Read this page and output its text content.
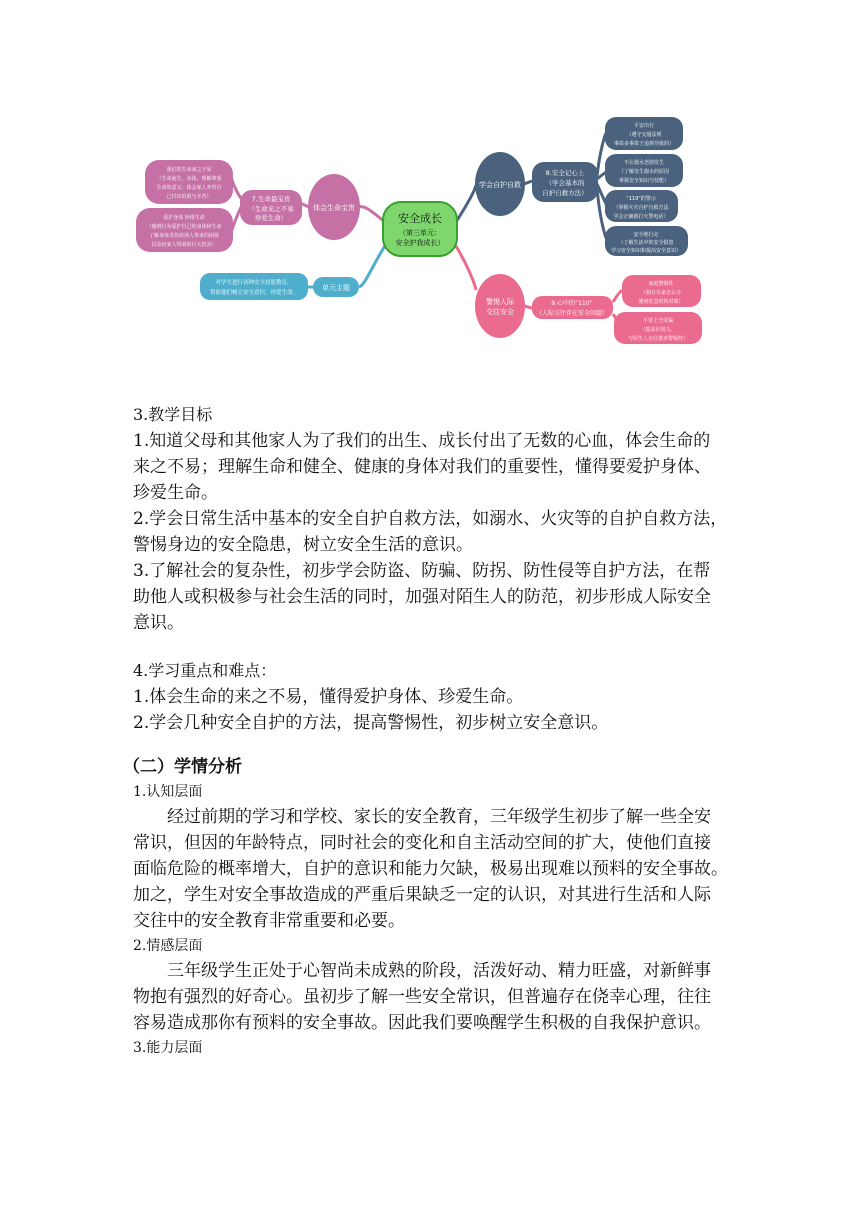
安全成长
（第三单元：
安全护我成长）
体会生命宝贵
7.生命最宝贵
（生命来之不易
珍爱生命）
我们的生命来之不易
（生命诞生，身体，理解尊重
生命的意义；体会家人养育自
己付出的艰与辛苦）
爱护身体 珍惜生命
（感到行为爱护自己的身体和生命
了解身体受伤给别人带来的困扰
以及给家人带来的巨大伤害）
单元主题
对学生进行各种安全技能教育，
帮助他们树立安全意识，珍爱生命。
学会自护自救
8.安全记心上
（学会基本的
自护自救方法）
平安出行
（遵守交通法规
事故多事故于违规导致的）
不让溺水悲剧发生
（了解发生溺水的原因
掌握安全知识与技能）
“119”的警示
（掌握火灾自护自救方法
学会正确拨打火警电话）
安全地行走
（了解生活中的安全隐患
学习安全知识和提高安全意识）
警惕人际
交往安全
9.心中的“110”
（人际交往存在安全问题）
家庭警惕性
（独自在家怎么办
遇到危急时的对策）
不要上当受骗
（提高识别力，
与陌生人交往要求警惕性）

3.教学目标

1.知道父母和其他家人为了我们的出生、成长付出了无数的心血，体会生命的

来之不易；理解生命和健全、健康的身体对我们的重要性，懂得要爱护身体、

珍爱生命。

2.学会日常生活中基本的安全自护自救方法，如溺水、火灾等的自护自救方法，

警惕身边的安全隐患，树立安全生活的意识。

3.了解社会的复杂性，初步学会防盗、防骗、防拐、防性侵等自护方法，在帮

助他人或积极参与社会生活的同时，加强对陌生人的防范，初步形成人际安全

意识。

4.学习重点和难点：

1.体会生命的来之不易，懂得爱护身体、珍爱生命。

2.学会几种安全自护的方法，提高警惕性，初步树立安全意识。

（二）学情分析

1.认知层面

经过前期的学习和学校、家长的安全教育，三年级学生初步了解一些全安

常识，但因的年龄特点，同时社会的变化和自主活动空间的扩大，使他们直接

面临危险的概率增大，自护的意识和能力欠缺，极易出现难以预料的安全事故。

加之，学生对安全事故造成的严重后果缺乏一定的认识，对其进行生活和人际

交往中的安全教育非常重要和必要。

2.情感层面

三年级学生正处于心智尚未成熟的阶段，活泼好动、精力旺盛，对新鲜事

物抱有强烈的好奇心。虽初步了解一些安全常识，但普遍存在侥幸心理，往往

容易造成那你有预料的安全事故。因此我们要唤醒学生积极的自我保护意识。

3.能力层面
